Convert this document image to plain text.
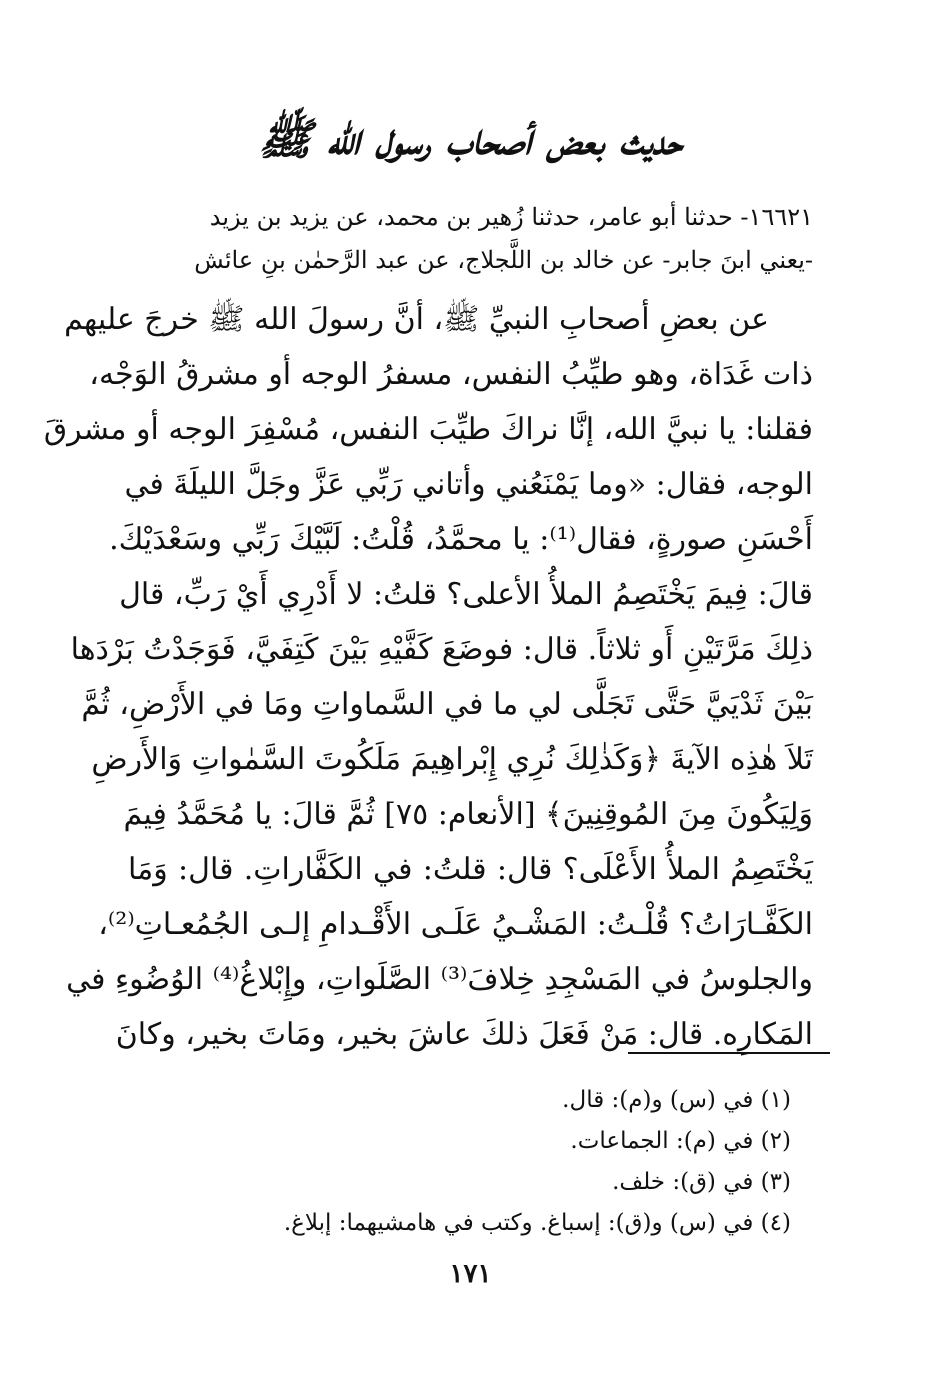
حديث بعض أصحاب رسول الله ﷺ
١٦٦٢١- حدثنا أبو عامر، حدثنا زُهير بن محمد، عن يزيد بن يزيد
-يعني ابنَ جابر- عن خالد بن اللَّجلاج، عن عبد الرَّحمٰن بنِ عائش
عن بعضِ أصحابِ النبيِّ ﷺ، أنَّ رسولَ الله ﷺ خرجَ عليهم
ذات غَدَاة، وهو طيِّبُ النفس، مسفرُ الوجه أو مشرقُ الوَجْه،
فقلنا: يا نبيَّ الله، إنَّا نراكَ طيِّبَ النفس، مُسْفِرَ الوجه أو مشرقَ
الوجه، فقال: «وما يَمْنَعُني وأتاني رَبِّي عَزَّ وجَلَّ الليلَةَ في
أَحْسَنِ صورةٍ، فقال⁽¹⁾: يا محمَّدُ، قُلْتُ: لَبَّيْكَ رَبِّي وسَعْدَيْكَ.
قالَ: فِيمَ يَخْتَصِمُ الملأُ الأعلى؟ قلتُ: لا أَدْرِي أَيْ رَبِّ، قال
ذلِكَ مَرَّتَيْنِ أَو ثلاثاً. قال: فوضَعَ كَفَّيْهِ بَيْنَ كَتِفَيَّ، فَوَجَدْتُ بَرْدَها
بَيْنَ ثَدْيَيَّ حَتَّى تَجَلَّى لي ما في السَّماواتِ ومَا في الأَرْضِ، ثُمَّ
تَلاَ هٰذِه الآيةَ ﴿وَكَذٰلِكَ نُرِي إِبْراهِيمَ مَلَكُوتَ السَّمٰواتِ وَالأَرضِ
وَلِيَكُونَ مِنَ المُوقِنِينَ﴾ [الأنعام: ٧٥] ثُمَّ قالَ: يا مُحَمَّدُ فِيمَ
يَخْتَصِمُ الملأُ الأَعْلَى؟ قال: قلتُ: في الكَفَّاراتِ. قال: وَمَا
الكَفَّـارَاتُ؟ قُلْـتُ: المَشْـيُ عَلَـى الأَقْـدامِ إلـى الجُمُعـاتِ⁽²⁾،
والجلوسُ في المَسْجِدِ خِلافَ⁽³⁾ الصَّلَواتِ، وإِبْلاغُ⁽⁴⁾ الوُضُوءِ في
المَكارِه. قال: مَنْ فَعَلَ ذلكَ عاشَ بخير، ومَاتَ بخير، وكانَ
(١) في (س) و(م): قال.
(٢) في (م): الجماعات.
(٣) في (ق): خلف.
(٤) في (س) و(ق): إسباغ. وكتب في هامشيهما: إبلاغ.
١٧١
